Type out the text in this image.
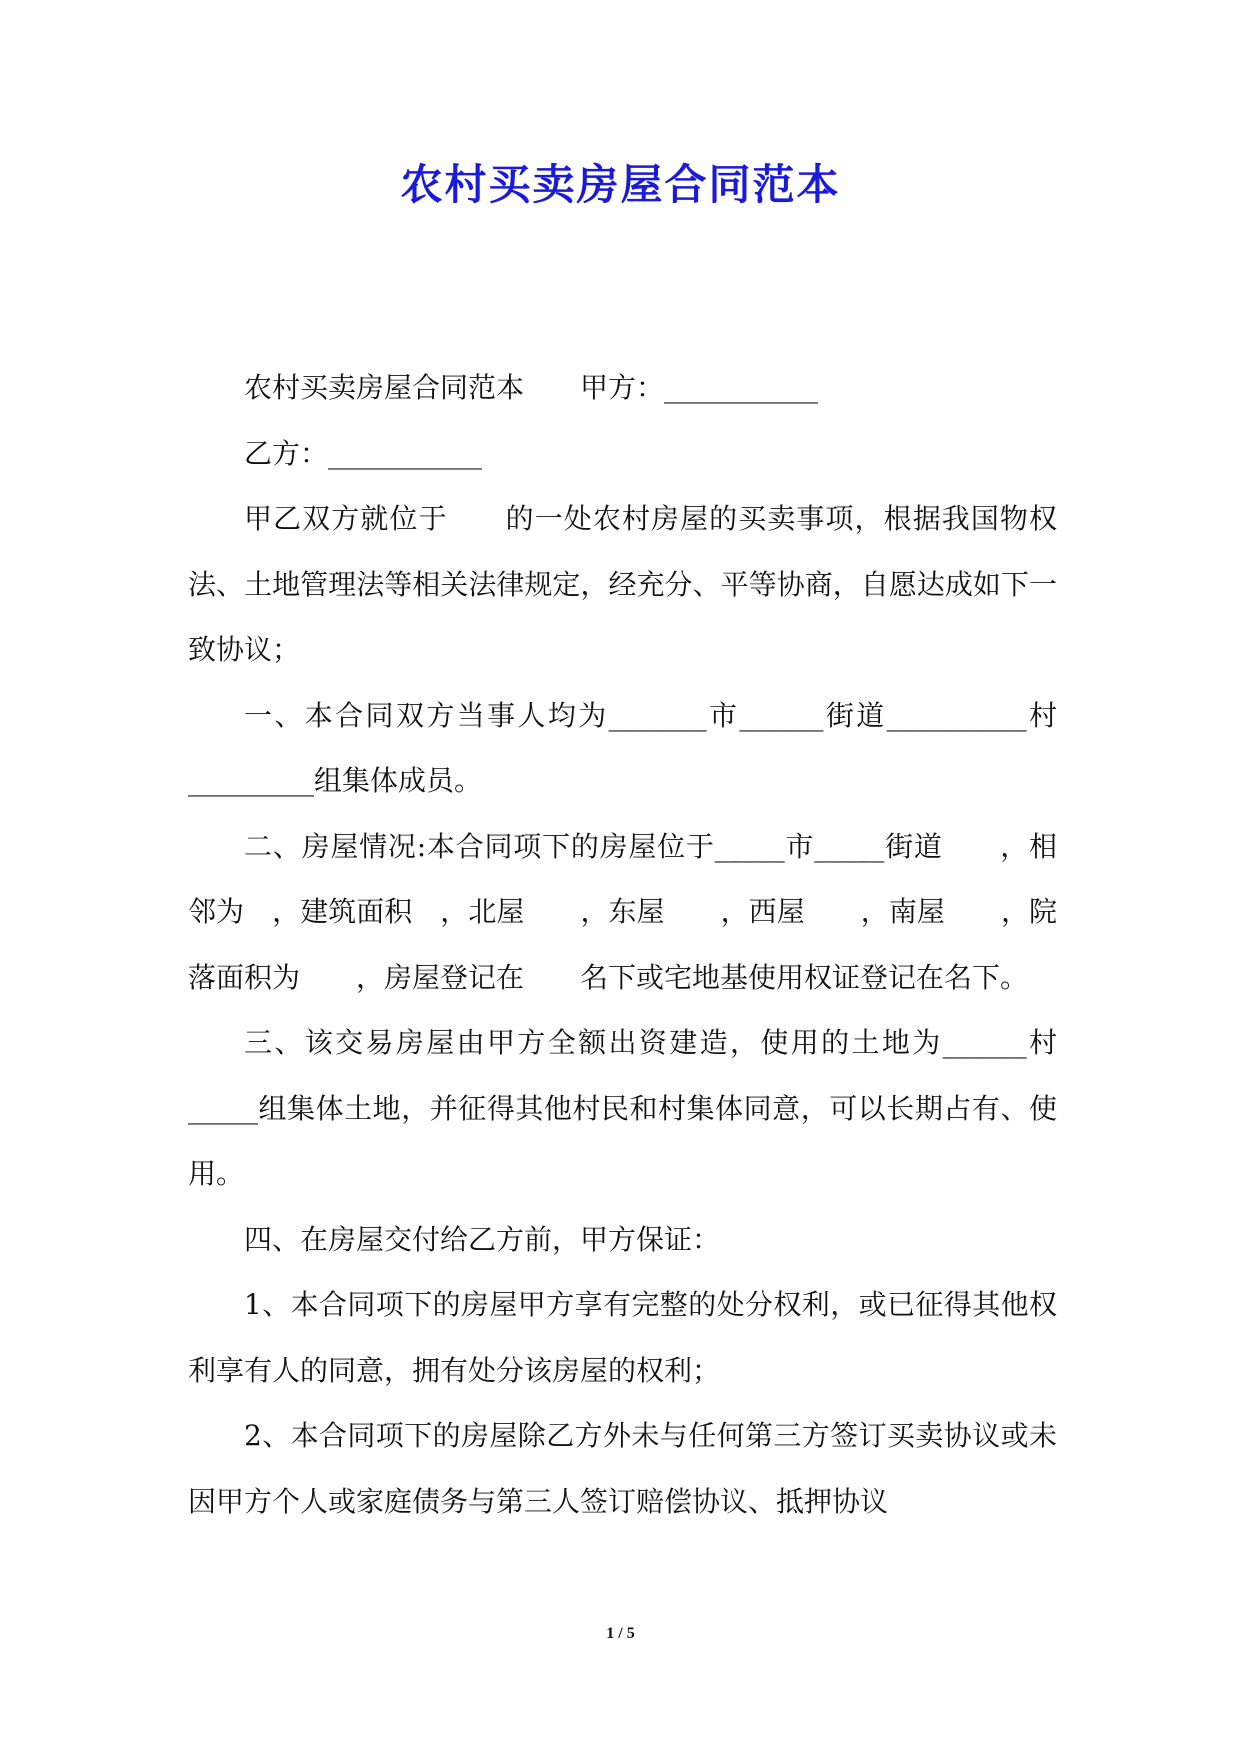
农村买卖房屋合同范本

农村买卖房屋合同范本　　甲方：___________

乙方：___________

甲乙双方就位于　　的一处农村房屋的买卖事项，根据我国物权法、土地管理法等相关法律规定，经充分、平等协商，自愿达成如下一致协议；

一、本合同双方当事人均为_______市______街道__________村_________组集体成员。

二、房屋情况:本合同项下的房屋位于_____市_____街道　　，相邻为　，建筑面积　，北屋　　，东屋　　，西屋　　，南屋　　，院落面积为　　，房屋登记在　　名下或宅地基使用权证登记在名下。

三、该交易房屋由甲方全额出资建造，使用的土地为______村_____组集体土地，并征得其他村民和村集体同意，可以长期占有、使用。

四、在房屋交付给乙方前，甲方保证：

1、本合同项下的房屋甲方享有完整的处分权利，或已征得其他权利享有人的同意，拥有处分该房屋的权利；

2、本合同项下的房屋除乙方外未与任何第三方签订买卖协议或未因甲方个人或家庭债务与第三人签订赔偿协议、抵押协议

1 / 5
